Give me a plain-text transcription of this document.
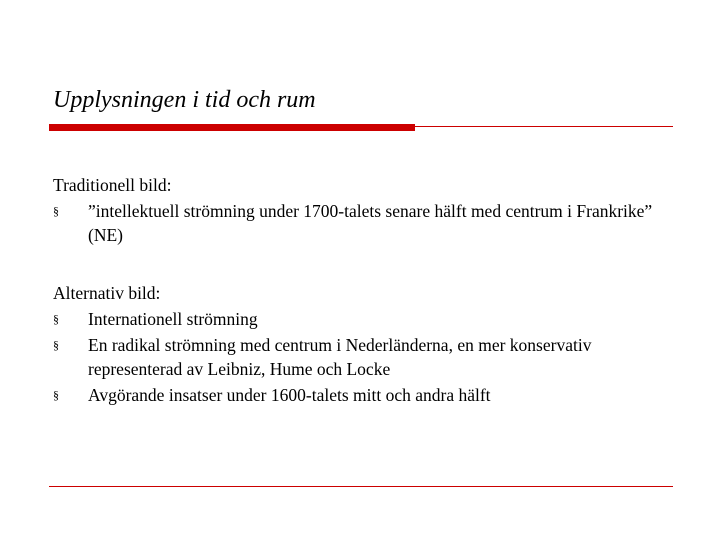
Upplysningen i tid och rum

Traditionell bild:

§	”intellektuell strömning under 1700-talets senare hälft med centrum i Frankrike” (NE)

Alternativ bild:

§	Internationell strömning
§	En radikal strömning med centrum i Nederländerna, en mer konservativ representerad av Leibniz, Hume och Locke
§	Avgörande insatser under 1600-talets mitt och andra hälft
